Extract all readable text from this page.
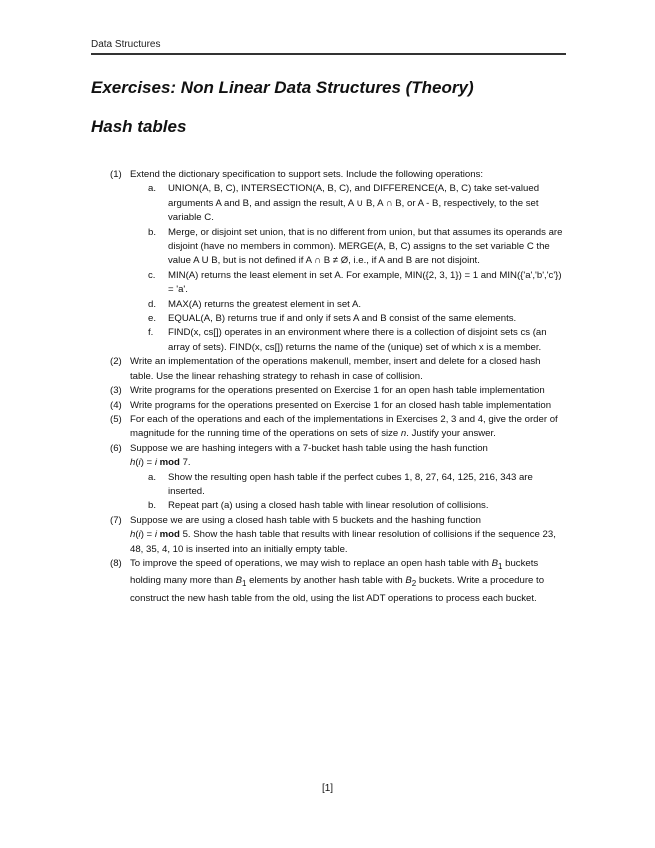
Data Structures
Exercises: Non Linear Data Structures (Theory)
Hash tables
(1) Extend the dictionary specification to support sets. Include the following operations:
a.	UNION(A, B, C), INTERSECTION(A, B, C), and DIFFERENCE(A, B, C) take set-valued arguments A and B, and assign the result, A ∪ B, A ∩ B, or A - B, respectively, to the set variable C.
b.	Merge, or disjoint set union, that is no different from union, but that assumes its operands are disjoint (have no members in common). MERGE(A, B, C) assigns to the set variable C the value A U B, but is not defined if A ∩ B ≠ Ø, i.e., if A and B are not disjoint.
c.	MIN(A) returns the least element in set A. For example, MIN({2, 3, 1}) = 1 and MIN({'a','b','c'}) = 'a'.
d.	MAX(A) returns the greatest element in set A.
e.	EQUAL(A, B) returns true if and only if sets A and B consist of the same elements.
f.	FIND(x, cs[]) operates in an environment where there is a collection of disjoint sets cs (an array of sets). FIND(x, cs[]) returns the name of the (unique) set of which x is a member.
(2) Write an implementation of the operations makenull, member, insert and delete for a closed hash table. Use the linear rehashing strategy to rehash in case of collision.
(3) Write programs for the operations presented on Exercise 1 for an open hash table implementation
(4) Write programs for the operations presented on Exercise 1 for an closed hash table implementation
(5) For each of the operations and each of the implementations in Exercises 2, 3 and 4, give the order of magnitude for the running time of the operations on sets of size n. Justify your answer.
(6) Suppose we are hashing integers with a 7-bucket hash table using the hash function
h(i) = i mod 7.
a.	Show the resulting open hash table if the perfect cubes 1, 8, 27, 64, 125, 216, 343 are inserted.
b.	Repeat part (a) using a closed hash table with linear resolution of collisions.
(7) Suppose we are using a closed hash table with 5 buckets and the hashing function
h(i) = i mod 5. Show the hash table that results with linear resolution of collisions if the sequence 23, 48, 35, 4, 10 is inserted into an initially empty table.
(8) To improve the speed of operations, we may wish to replace an open hash table with $B_1$ buckets holding many more than $B_1$ elements by another hash table with $B_2$ buckets. Write a procedure to construct the new hash table from the old, using the list ADT operations to process each bucket.
[1]
